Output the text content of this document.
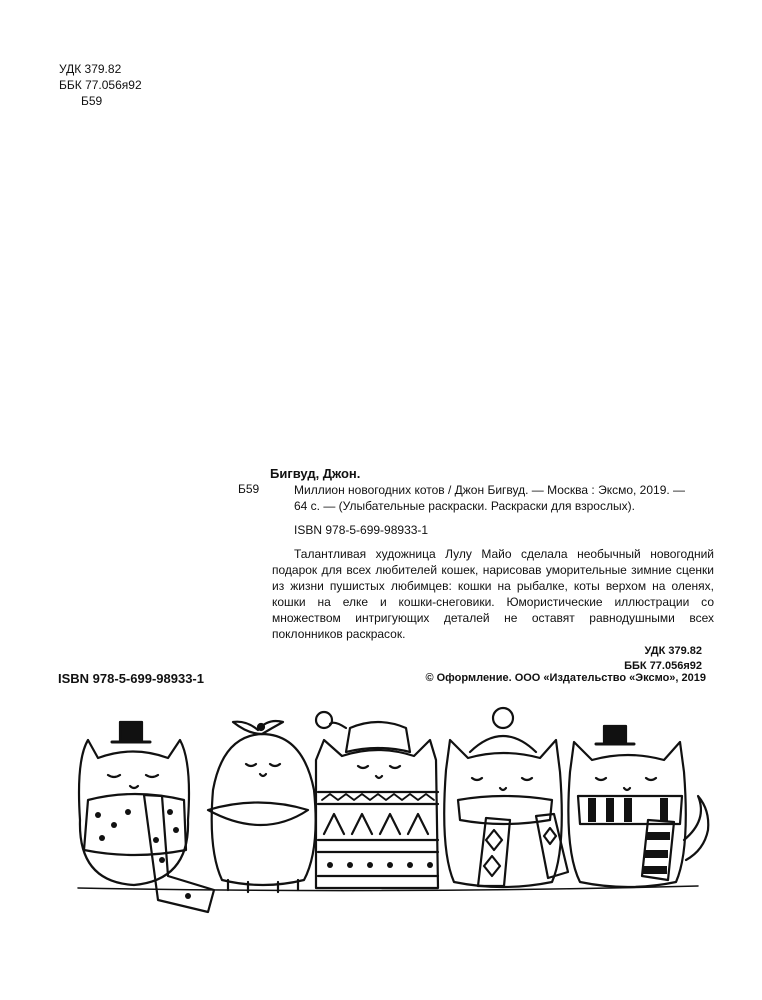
УДК 379.82
ББК 77.056я92
Б59
Б59
Бигвуд, Джон.
Миллион новогодних котов / Джон Бигвуд. — Москва : Эксмо, 2019. —
64 с. — (Улыбательные раскраски. Раскраски для взрослых).
ISBN 978-5-699-98933-1
Талантливая художница Лулу Майо сделала необычный новогодний подарок для всех любителей кошек, нарисовав уморительные зимние сценки из жизни пушистых любимцев: кошки на рыбалке, коты верхом на оленях, кошки на елке и кошки-снеговики. Юмористические иллюстрации со множеством интригующих деталей не оставят равнодушными всех поклонников раскрасок.
УДК 379.82
ББК 77.056я92
ISBN 978-5-699-98933-1	© Оформление. ООО «Издательство «Эксмо», 2019
